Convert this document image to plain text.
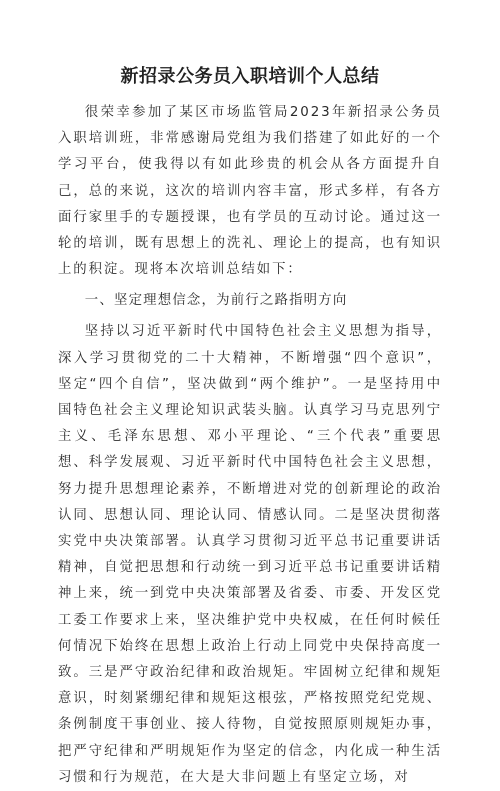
新招录公务员入职培训个人总结

很荣幸参加了某区市场监管局2023年新招录公务员入职培训班，非常感谢局党组为我们搭建了如此好的一个学习平台，使我得以有如此珍贵的机会从各方面提升自己，总的来说，这次的培训内容丰富，形式多样，有各方面行家里手的专题授课，也有学员的互动讨论。通过这一轮的培训，既有思想上的洗礼、理论上的提高，也有知识上的积淀。现将本次培训总结如下：

一、坚定理想信念，为前行之路指明方向

坚持以习近平新时代中国特色社会主义思想为指导，深入学习贯彻党的二十大精神，不断增强“四个意识”，坚定“四个自信”，坚决做到“两个维护”。一是坚持用中国特色社会主义理论知识武装头脑。认真学习马克思列宁主义、毛泽东思想、邓小平理论、“三个代表”重要思想、科学发展观、习近平新时代中国特色社会主义思想，努力提升思想理论素养，不断增进对党的创新理论的政治认同、思想认同、理论认同、情感认同。二是坚决贯彻落实党中央决策部署。认真学习贯彻习近平总书记重要讲话精神，自觉把思想和行动统一到习近平总书记重要讲话精神上来，统一到党中央决策部署及省委、市委、开发区党工委工作要求上来，坚决维护党中央权威，在任何时候任何情况下始终在思想上政治上行动上同党中央保持高度一致。三是严守政治纪律和政治规矩。牢固树立纪律和规矩意识，时刻紧绷纪律和规矩这根弦，严格按照党纪党规、条例制度干事创业、接人待物，自觉按照原则规矩办事，把严守纪律和严明规矩作为坚定的信念，内化成一种生活习惯和行为规范，在大是大非问题上有坚定立场，对
